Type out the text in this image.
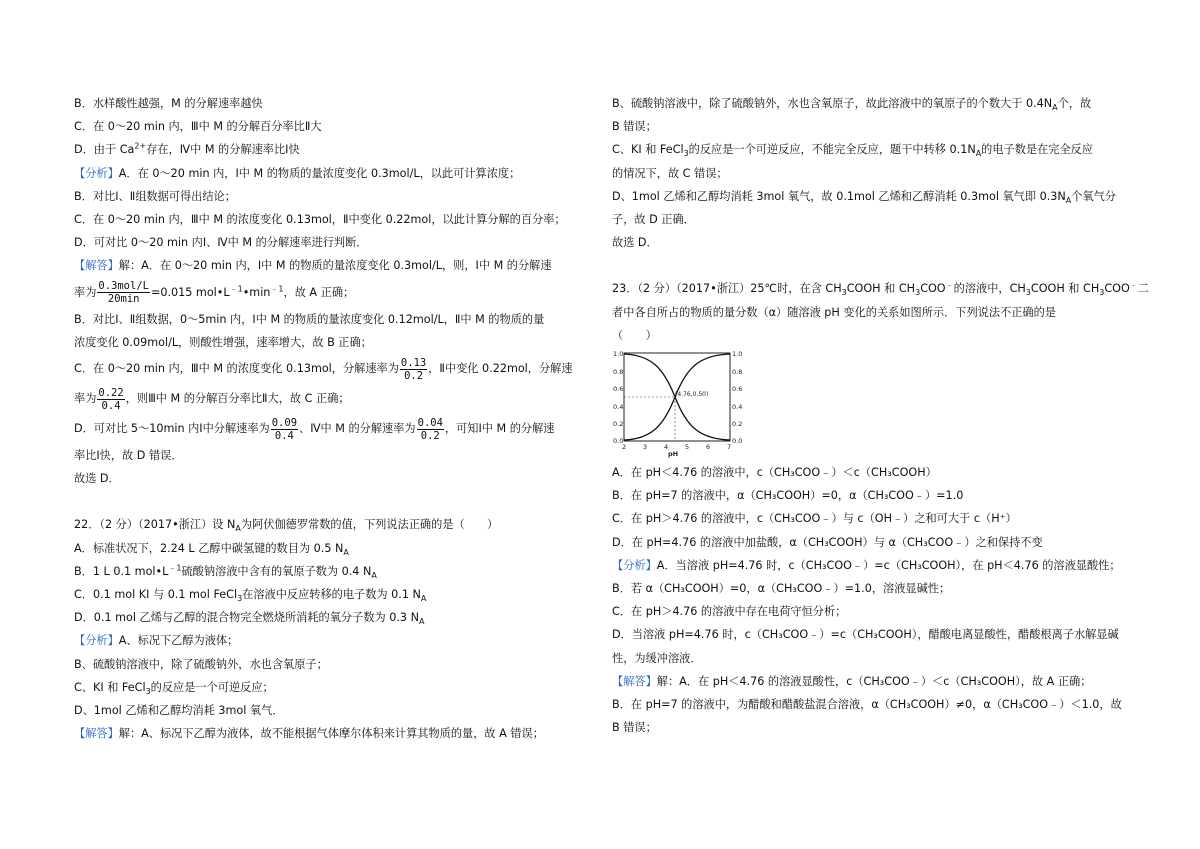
B．水样酸性越强，M 的分解速率越快
C．在 0～20 min 内，Ⅲ中 M 的分解百分率比Ⅱ大
D．由于 $Ca^{2+}$存在，Ⅳ中 M 的分解速率比Ⅰ快
【分析】A．在 0～20 min 内，Ⅰ中 M 的物质的量浓度变化 0.3mol/L，以此可计算浓度；
B．对比Ⅰ、Ⅱ组数据可得出结论；
C．在 0～20 min 内，Ⅲ中 M 的浓度变化 0.13mol，Ⅱ中变化 0.22mol，以此计算分解的百分率；
D．可对比 0～20 min 内Ⅰ、Ⅳ中 M 的分解速率进行判断．
【解答】解：A．在 0～20 min 内，Ⅰ中 M 的物质的量浓度变化 0.3mol/L，则，Ⅰ中 M 的分解速
率为 $\frac{\text{0.3mol/L}}{20\min} =0.015$ $mol•L^{﹣1}•\min^{﹣1}$，故 A 正确；
B．对比Ⅰ、Ⅱ组数据，0～5min 内，Ⅰ中 M 的物质的量浓度变化 0.12mol/L，Ⅱ中 M 的物质的量
浓度变化 0.09mol/L，则酸性增强，速率增大，故 B 正确；
C．在 0～20 min 内，Ⅲ中 M 的浓度变化 0.13mol，分解速率为 $\frac{0.13}{0.2}$ ，Ⅱ中变化 0.22mol，分解速
率为 $\frac{0.22}{0.4}$ ，则Ⅲ中 M 的分解百分率比Ⅱ大，故 C 正确；
D．可对比 5～10min 内Ⅰ中分解速率为 $\frac{0.09}{0.4}$ 、Ⅳ中 M 的分解速率为 $\frac{0.04}{0.2}$ ，可知Ⅰ中 M 的分解速
率比Ⅰ快，故 D 错误．
故选 D．
22．（2 分）（2017•浙江）设 $N_A$为阿伏伽德罗常数的值，下列说法正确的是（　　）
A．标准状况下，2.24 L 乙醇中碳氢键的数目为 0.5 $N_A$
B．1 L 0.1 $mol•L^{﹣1}$硫酸钠溶液中含有的氧原子数为 0.4 $N_A$
C．0.1 mol KI 与 0.1 mol FeCl$_3$在溶液中反应转移的电子数为 0.1 $N_A$
D．0.1 mol 乙烯与乙醇的混合物完全燃烧所消耗的氧分子数为 0.3 $N_A$
【分析】A、标况下乙醇为液体；
B、硫酸钠溶液中，除了硫酸钠外，水也含氧原子；
C、KI 和 FeCl$_3$的反应是一个可逆反应；
D、1mol 乙烯和乙醇均消耗 3mol 氧气．
【解答】解：A、标况下乙醇为液体，故不能根据气体摩尔体积来计算其物质的量，故 A 错误；
B、硫酸钠溶液中，除了硫酸钠外，水也含氧原子，故此溶液中的氧原子的个数大于 $0.4N_A$个，故
B 错误；
C、KI 和 FeCl$_3$的反应是一个可逆反应，不能完全反应，题干中转移 $0.1N_A$的电子数是在完全反应
的情况下，故 C 错误；
D、1mol 乙烯和乙醇均消耗 3mol 氧气，故 0.1mol 乙烯和乙醇消耗 0.3mol 氧气即 $0.3N_A$个氧气分
子，故 D 正确．
故选 D．
23．（2 分）（2017•浙江）25℃时，在含 $CH_3COOH$ 和 $CH_3COO^﹣$的溶液中，$CH_3COOH$ 和 $CH_3COO^﹣$二
者中各自所占的物质的量分数（α）随溶液 pH 变化的关系如图所示．下列说法不正确的是
（　　）
1.0
0.8
0.6
0.4
0.2
0.0
1.0
0.8
0.6
0.4
0.2
0.0
2	3	4	5	6	7
pH
(4.76,0.50)
A．在 pH＜4.76 的溶液中，c（CH₃COO﹣）＜c（CH₃COOH）
B．在 pH=7 的溶液中，α（CH₃COOH）=0，α（CH₃COO﹣）=1.0
C．在 pH＞4.76 的溶液中，c（CH₃COO﹣）与 c（OH﹣）之和可大于 c（H⁺）
D．在 pH=4.76 的溶液中加盐酸，α（CH₃COOH）与 α（CH₃COO﹣）之和保持不变
【分析】A．当溶液 pH=4.76 时，c（CH₃COO﹣）=c（CH₃COOH），在 pH＜4.76 的溶液显酸性；
B．若 α（CH₃COOH）=0，α（CH₃COO﹣）=1.0，溶液显碱性；
C．在 pH＞4.76 的溶液中存在电荷守恒分析；
D．当溶液 pH=4.76 时，c（CH₃COO﹣）=c（CH₃COOH），醋酸电离显酸性，醋酸根离子水解显碱
性，为缓冲溶液．
【解答】解：A．在 pH＜4.76 的溶液显酸性，c（CH₃COO﹣）＜c（CH₃COOH），故 A 正确；
B．在 pH=7 的溶液中，为醋酸和醋酸盐混合溶液，α（CH₃COOH）≠0，α（CH₃COO﹣）＜1.0，故
B 错误；
